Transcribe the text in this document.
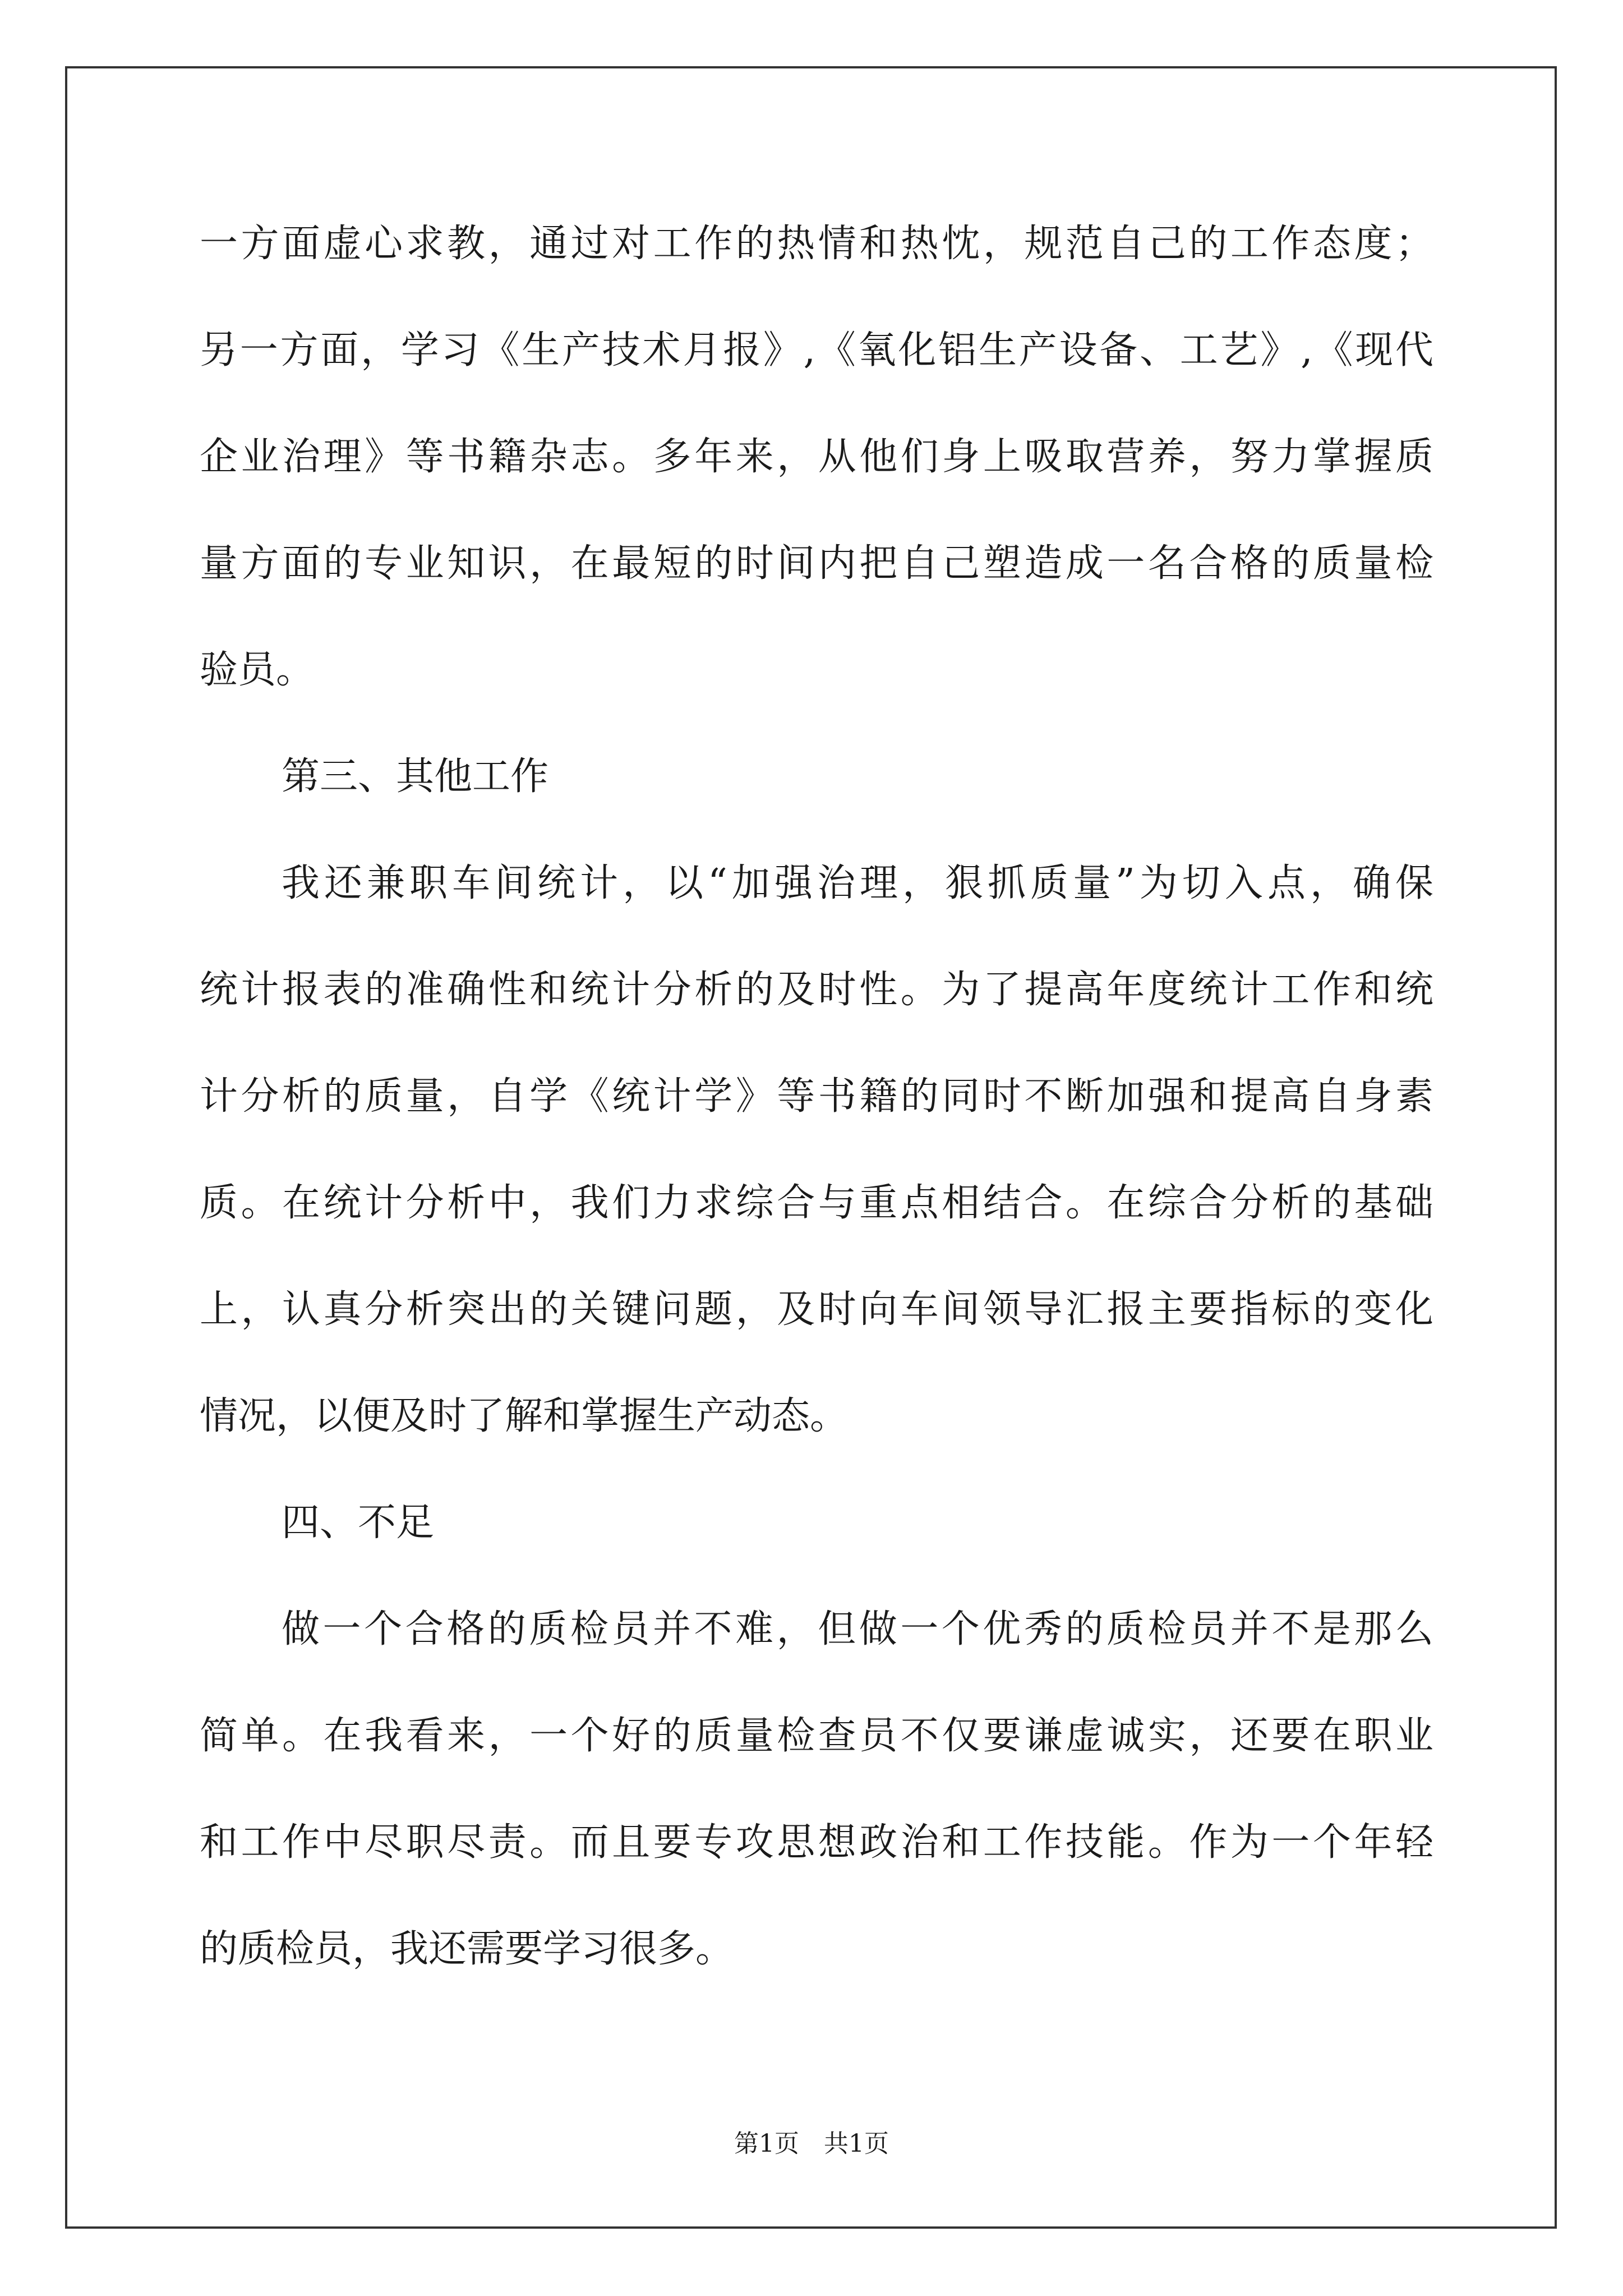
一方面虚心求教，通过对工作的热情和热忱，规范自己的工作态度；
另一方面，学习《生产技术月报》,《氧化铝生产设备、工艺》,《现代
企业治理》等书籍杂志。多年来，从他们身上吸取营养，努力掌握质
量方面的专业知识，在最短的时间内把自己塑造成一名合格的质量检
验员。
第三、其他工作
我还兼职车间统计，以“加强治理，狠抓质量”为切入点，确保
统计报表的准确性和统计分析的及时性。为了提高年度统计工作和统
计分析的质量，自学《统计学》等书籍的同时不断加强和提高自身素
质。在统计分析中，我们力求综合与重点相结合。在综合分析的基础
上，认真分析突出的关键问题，及时向车间领导汇报主要指标的变化
情况，以便及时了解和掌握生产动态。
四、不足
做一个合格的质检员并不难，但做一个优秀的质检员并不是那么
简单。在我看来，一个好的质量检查员不仅要谦虚诚实，还要在职业
和工作中尽职尽责。而且要专攻思想政治和工作技能。作为一个年轻
的质检员，我还需要学习很多。
第1页　共1页
